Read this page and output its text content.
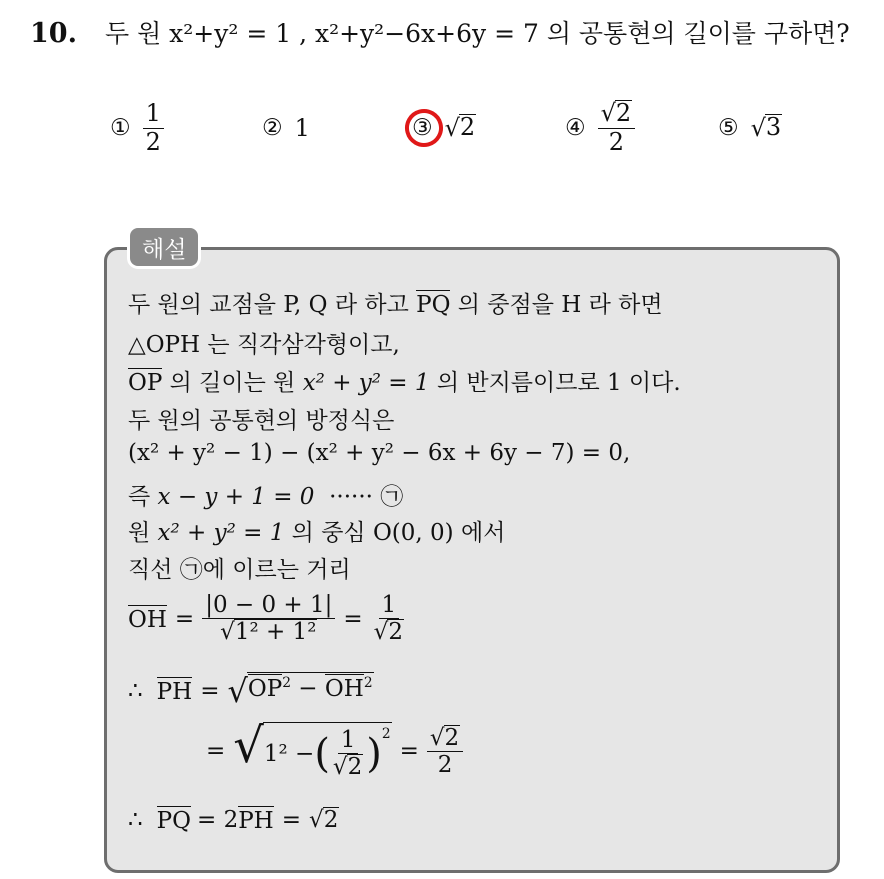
10. 두 원 x²+y² = 1 , x²+y²−6x+6y = 7 의 공통현의 길이를 구하면?
① $\frac{1}{2}$	② 1	③ √ 2	④ $\frac{√ 2}{2}$	⑤ √ 3
해설
두 원의 교점을 P, Q 라 하고 PQ 의 중점을 H 라 하면
△OPH 는 직각삼각형이고,
OP 의 길이는 원 x² + y² = 1 의 반지름이므로 1 이다.
두 원의 공통현의 방정식은
(x² + y² − 1) − (x² + y² − 6x + 6y − 7) = 0,
즉 x − y + 1 = 0 ······ ㉠
원 x² + y² = 1 의 중심 O(0, 0) 에서
직선 ㉠에 이르는 거리
OH = $\frac{|0 - 0 + 1|}{\text{√ 1² + 1²}} = \frac{1}{√ 2}$
∴ PH = √ $OP^2 - OH^2$
= √ 1² − ( $\frac{1}{√ 2} )^2$
= $\frac{√ 2}{2}$
∴ PQ = 2 PH = √ 2
